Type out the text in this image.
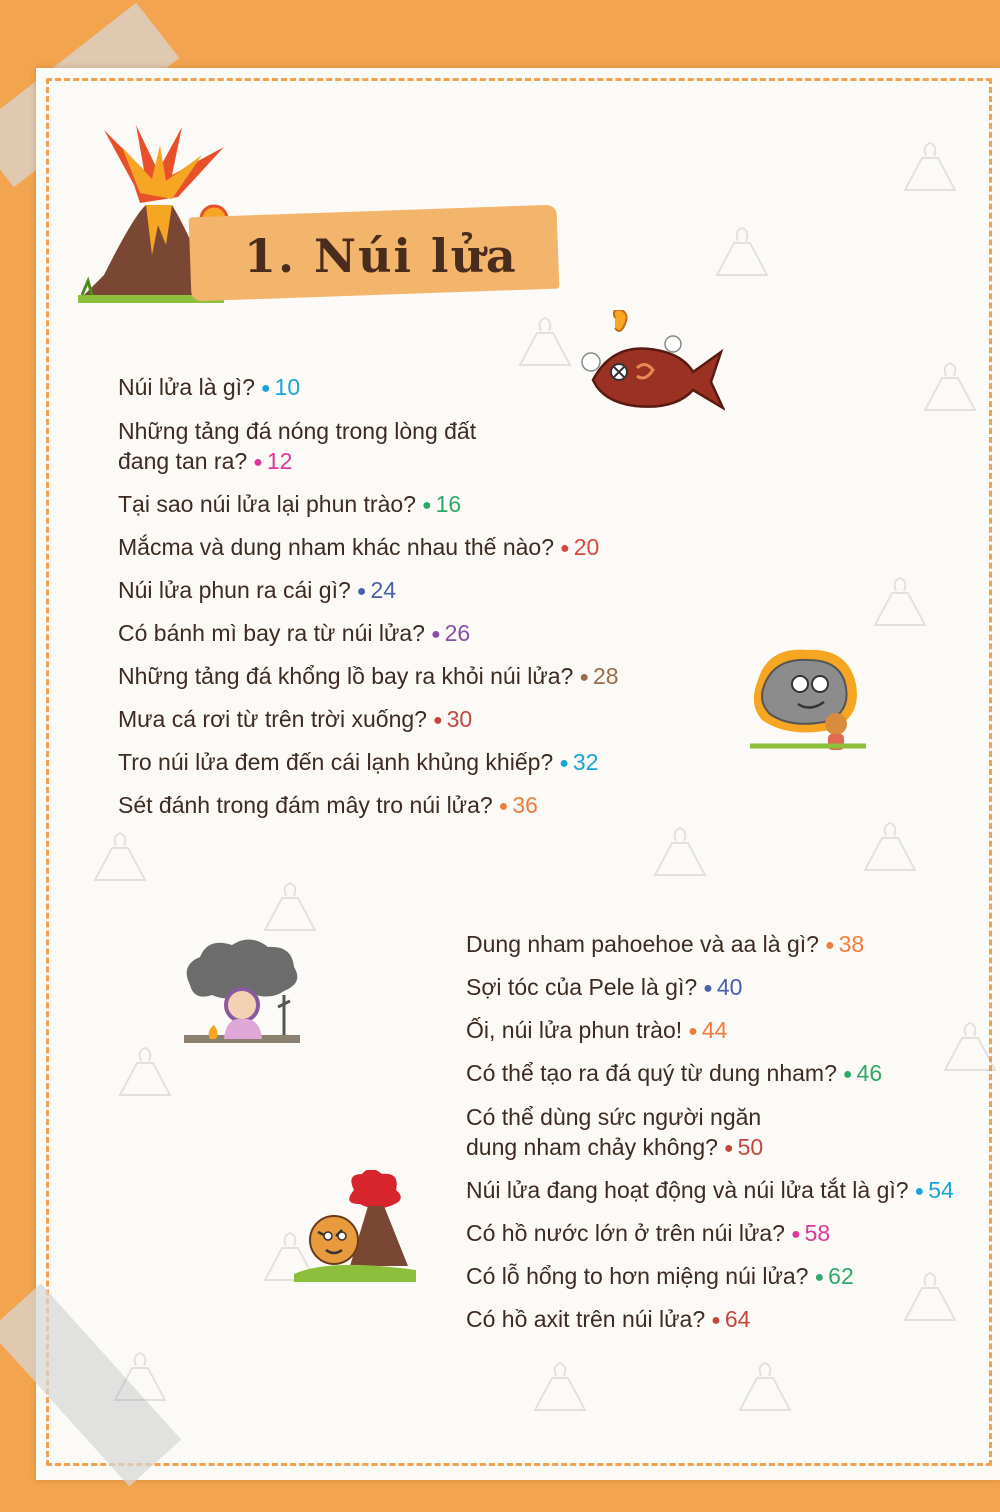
1. Núi lửa
Núi lửa là gì? ● 10
Những tảng đá nóng trong lòng đất
đang tan ra? ● 12
Tại sao núi lửa lại phun trào? ● 16
Mắcma và dung nham khác nhau thế nào? ● 20
Núi lửa phun ra cái gì? ● 24
Có bánh mì bay ra từ núi lửa? ● 26
Những tảng đá khổng lồ bay ra khỏi núi lửa? ● 28
Mưa cá rơi từ trên trời xuống? ● 30
Tro núi lửa đem đến cái lạnh khủng khiếp? ● 32
Sét đánh trong đám mây tro núi lửa? ● 36
Dung nham pahoehoe và aa là gì? ● 38
Sợi tóc của Pele là gì? ● 40
Ối, núi lửa phun trào! ● 44
Có thể tạo ra đá quý từ dung nham? ● 46
Có thể dùng sức người ngăn
dung nham chảy không? ● 50
Núi lửa đang hoạt động và núi lửa tắt là gì? ● 54
Có hồ nước lớn ở trên núi lửa? ● 58
Có lỗ hổng to hơn miệng núi lửa? ● 62
Có hồ axit trên núi lửa? ● 64
